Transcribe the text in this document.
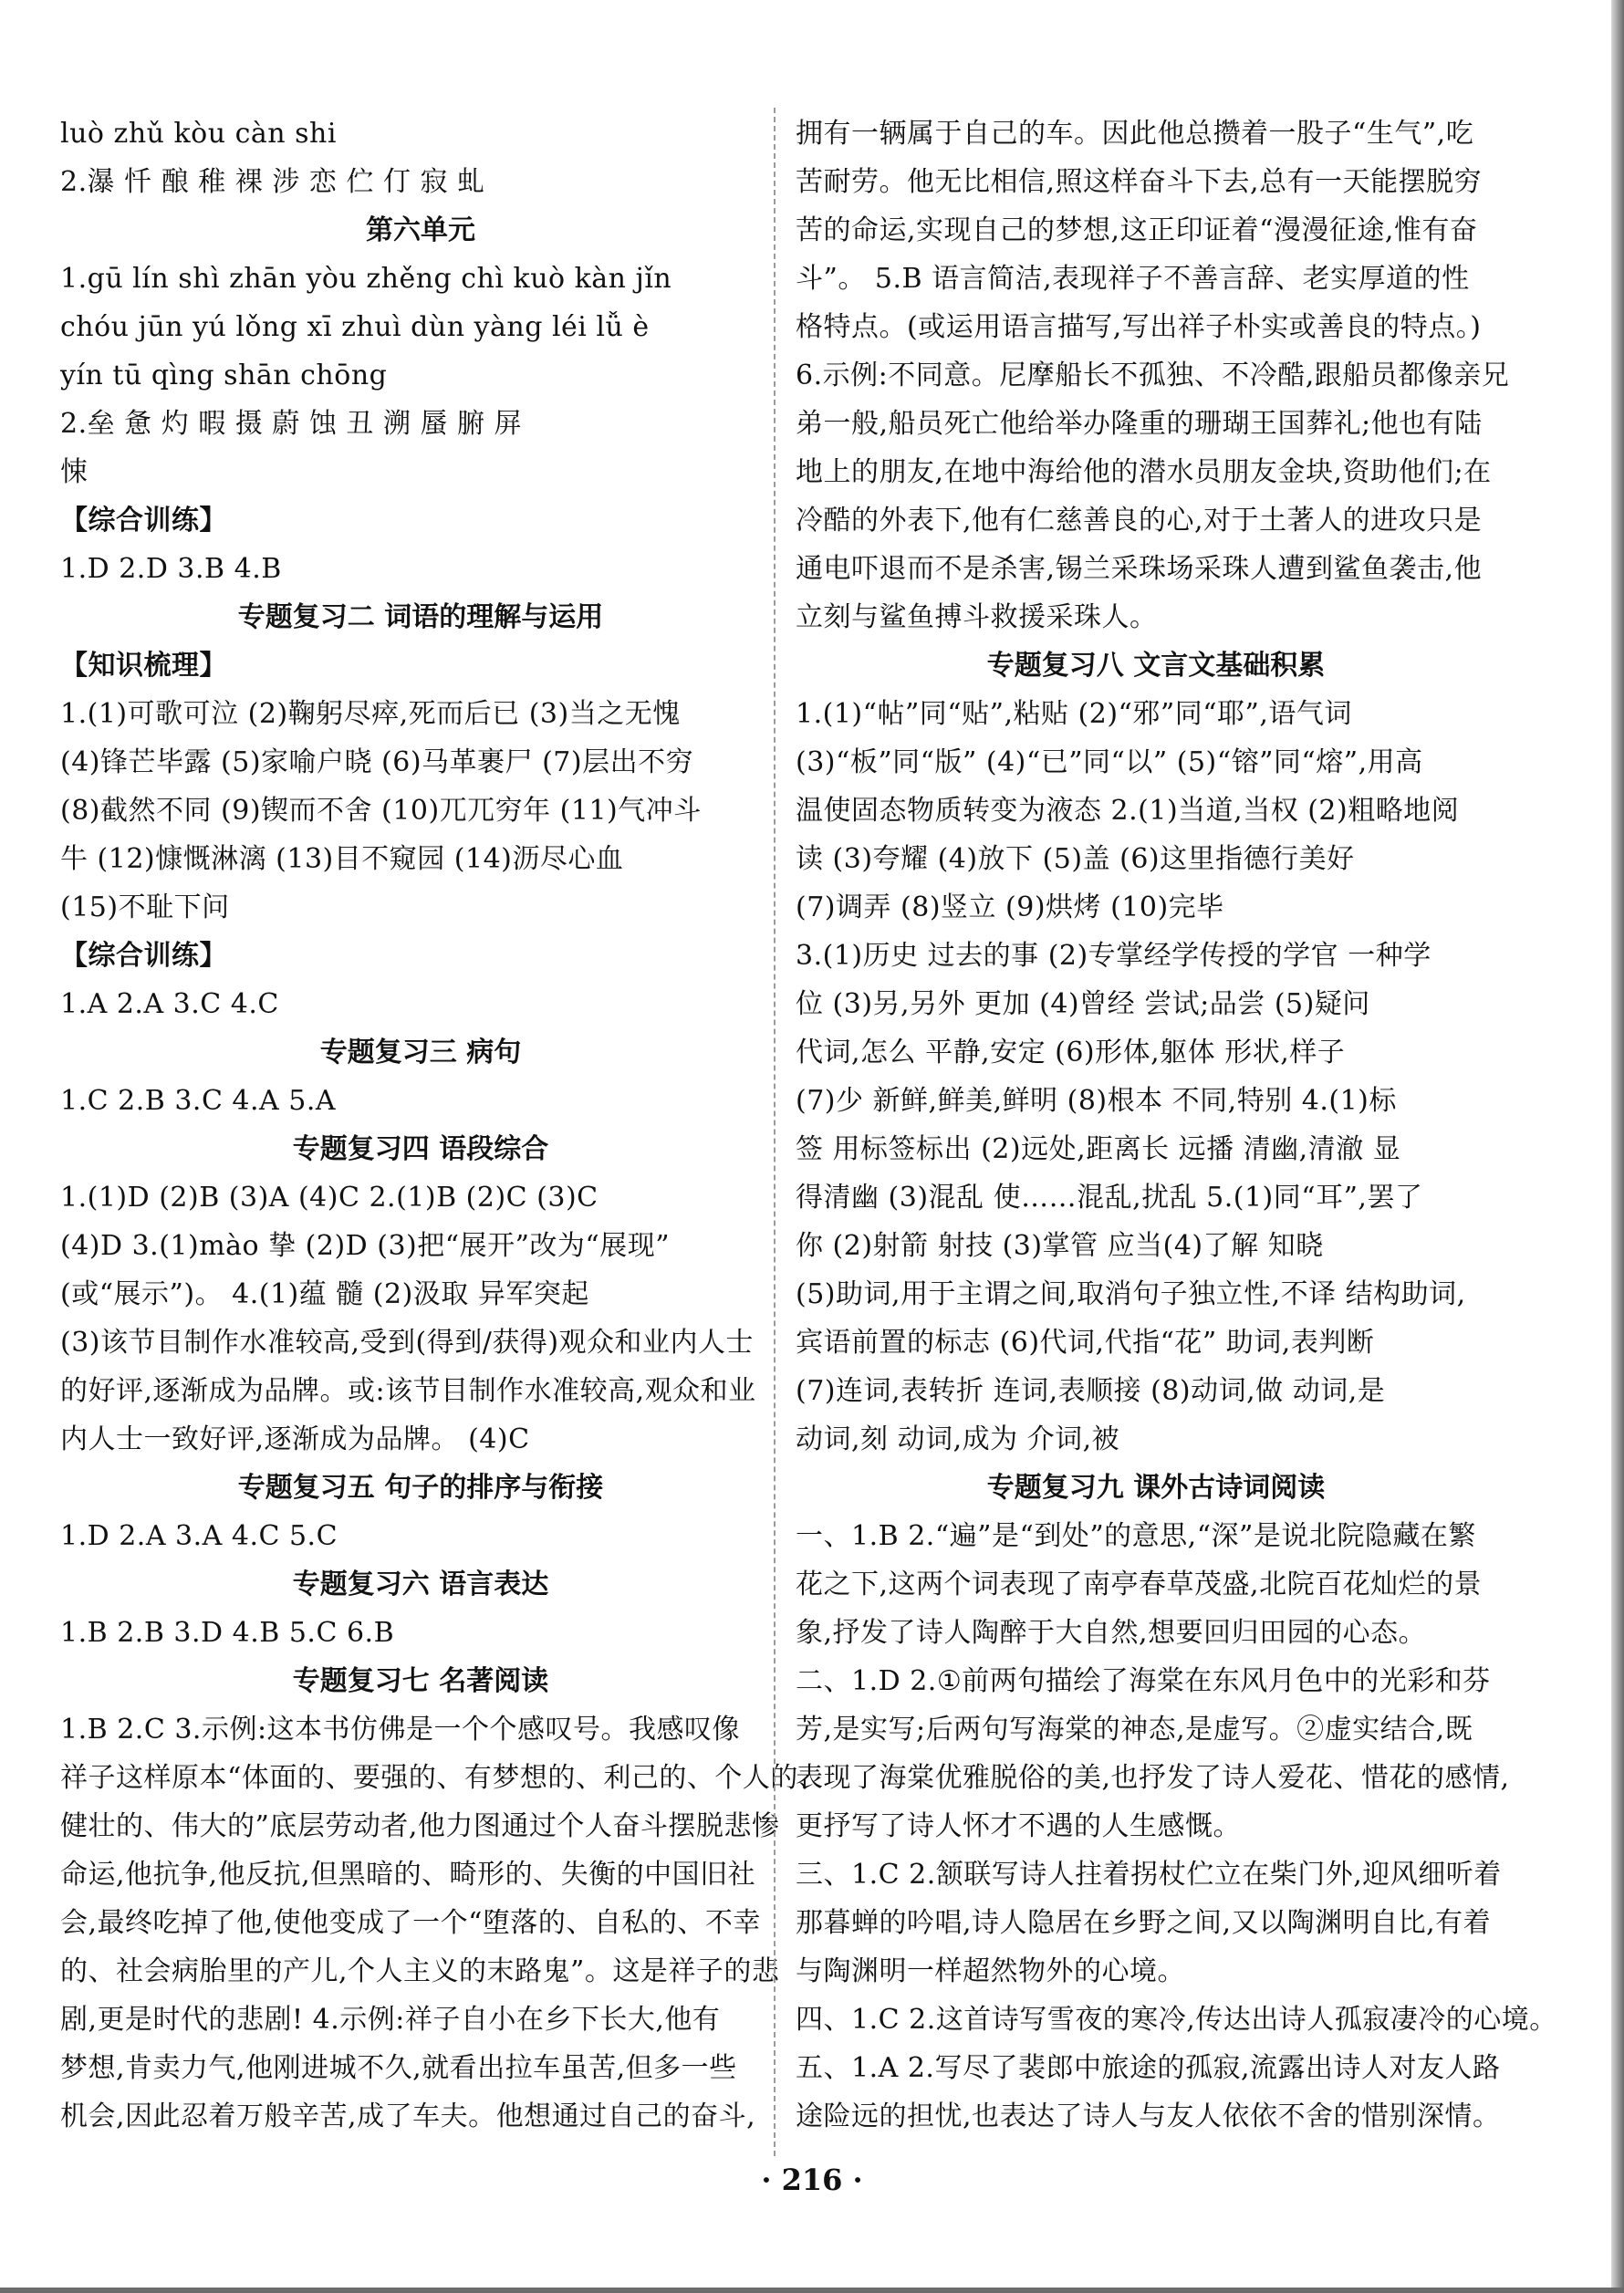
luò zhǔ kòu càn shi
2.瀑 忏 酿 稚 裸 涉 恋 伫 仃 寂 虬
第六单元
1.gū lín shì zhān yòu zhěng chì kuò kàn jǐn
chóu jūn yú lǒng xī zhuì dùn yàng léi lǚ è
yín tū qìng shān chōng
2.垒 惫 灼 暇 摄 蔚 蚀 丑 溯 蜃 腑 屏
悚
【综合训练】
1.D 2.D 3.B 4.B
专题复习二 词语的理解与运用
【知识梳理】
1.(1)可歌可泣 (2)鞠躬尽瘁,死而后已 (3)当之无愧
(4)锋芒毕露 (5)家喻户晓 (6)马革裹尸 (7)层出不穷
(8)截然不同 (9)锲而不舍 (10)兀兀穷年 (11)气冲斗
牛 (12)慷慨淋漓 (13)目不窥园 (14)沥尽心血
(15)不耻下问
【综合训练】
1.A 2.A 3.C 4.C
专题复习三 病句
1.C 2.B 3.C 4.A 5.A
专题复习四 语段综合
1.(1)D (2)B (3)A (4)C 2.(1)B (2)C (3)C
(4)D 3.(1)mào 挚 (2)D (3)把“展开”改为“展现”
(或“展示”)。 4.(1)蕴 髓 (2)汲取 异军突起
(3)该节目制作水准较高,受到(得到/获得)观众和业内人士
的好评,逐渐成为品牌。或:该节目制作水准较高,观众和业
内人士一致好评,逐渐成为品牌。 (4)C
专题复习五 句子的排序与衔接
1.D 2.A 3.A 4.C 5.C
专题复习六 语言表达
1.B 2.B 3.D 4.B 5.C 6.B
专题复习七 名著阅读
1.B 2.C 3.示例:这本书仿佛是一个个感叹号。我感叹像
祥子这样原本“体面的、要强的、有梦想的、利己的、个人的、
健壮的、伟大的”底层劳动者,他力图通过个人奋斗摆脱悲惨
命运,他抗争,他反抗,但黑暗的、畸形的、失衡的中国旧社
会,最终吃掉了他,使他变成了一个“堕落的、自私的、不幸
的、社会病胎里的产儿,个人主义的末路鬼”。这是祥子的悲
剧,更是时代的悲剧! 4.示例:祥子自小在乡下长大,他有
梦想,肯卖力气,他刚进城不久,就看出拉车虽苦,但多一些
机会,因此忍着万般辛苦,成了车夫。他想通过自己的奋斗,
拥有一辆属于自己的车。因此他总攒着一股子“生气”,吃
苦耐劳。他无比相信,照这样奋斗下去,总有一天能摆脱穷
苦的命运,实现自己的梦想,这正印证着“漫漫征途,惟有奋
斗”。 5.B 语言简洁,表现祥子不善言辞、老实厚道的性
格特点。(或运用语言描写,写出祥子朴实或善良的特点。)
6.示例:不同意。尼摩船长不孤独、不冷酷,跟船员都像亲兄
弟一般,船员死亡他给举办隆重的珊瑚王国葬礼;他也有陆
地上的朋友,在地中海给他的潜水员朋友金块,资助他们;在
冷酷的外表下,他有仁慈善良的心,对于土著人的进攻只是
通电吓退而不是杀害,锡兰采珠场采珠人遭到鲨鱼袭击,他
立刻与鲨鱼搏斗救援采珠人。
专题复习八 文言文基础积累
1.(1)“帖”同“贴”,粘贴 (2)“邪”同“耶”,语气词
(3)“板”同“版” (4)“已”同“以” (5)“镕”同“熔”,用高
温使固态物质转变为液态 2.(1)当道,当权 (2)粗略地阅
读 (3)夸耀 (4)放下 (5)盖 (6)这里指德行美好
(7)调弄 (8)竖立 (9)烘烤 (10)完毕
3.(1)历史 过去的事 (2)专掌经学传授的学官 一种学
位 (3)另,另外 更加 (4)曾经 尝试;品尝 (5)疑问
代词,怎么 平静,安定 (6)形体,躯体 形状,样子
(7)少 新鲜,鲜美,鲜明 (8)根本 不同,特别 4.(1)标
签 用标签标出 (2)远处,距离长 远播 清幽,清澈 显
得清幽 (3)混乱 使……混乱,扰乱 5.(1)同“耳”,罢了
你 (2)射箭 射技 (3)掌管 应当(4)了解 知晓
(5)助词,用于主谓之间,取消句子独立性,不译 结构助词,
宾语前置的标志 (6)代词,代指“花” 助词,表判断
(7)连词,表转折 连词,表顺接 (8)动词,做 动词,是
动词,刻 动词,成为 介词,被
专题复习九 课外古诗词阅读
一、1.B 2.“遍”是“到处”的意思,“深”是说北院隐藏在繁
花之下,这两个词表现了南亭春草茂盛,北院百花灿烂的景
象,抒发了诗人陶醉于大自然,想要回归田园的心态。
二、1.D 2.①前两句描绘了海棠在东风月色中的光彩和芬
芳,是实写;后两句写海棠的神态,是虚写。②虚实结合,既
表现了海棠优雅脱俗的美,也抒发了诗人爱花、惜花的感情,
更抒写了诗人怀才不遇的人生感慨。
三、1.C 2.颔联写诗人拄着拐杖伫立在柴门外,迎风细听着
那暮蝉的吟唱,诗人隐居在乡野之间,又以陶渊明自比,有着
与陶渊明一样超然物外的心境。
四、1.C 2.这首诗写雪夜的寒冷,传达出诗人孤寂凄冷的心境。
五、1.A 2.写尽了裴郎中旅途的孤寂,流露出诗人对友人路
途险远的担忧,也表达了诗人与友人依依不舍的惜别深情。
· 216 ·
